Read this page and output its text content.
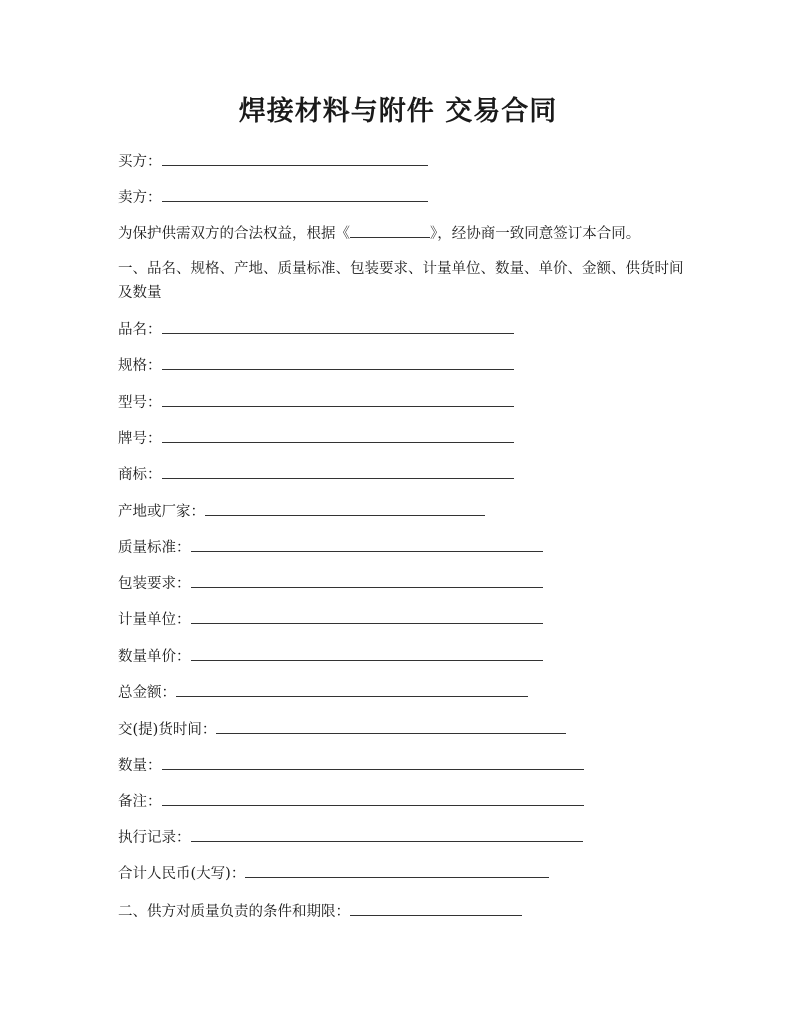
焊接材料与附件 交易合同
买方：
卖方：
为保护供需双方的合法权益，根据《	》，经协商一致同意签订本合同。

一、品名、规格、产地、质量标准、包装要求、计量单位、数量、单价、金额、供货时间及数量

品名：
规格：
型号：
牌号：
商标：
产地或厂家：
质量标准：
包装要求：
计量单位：
数量单价：
总金额：
交(提)货时间：
数量：
备注：
执行记录：
合计人民币(大写)：
二、供方对质量负责的条件和期限：
